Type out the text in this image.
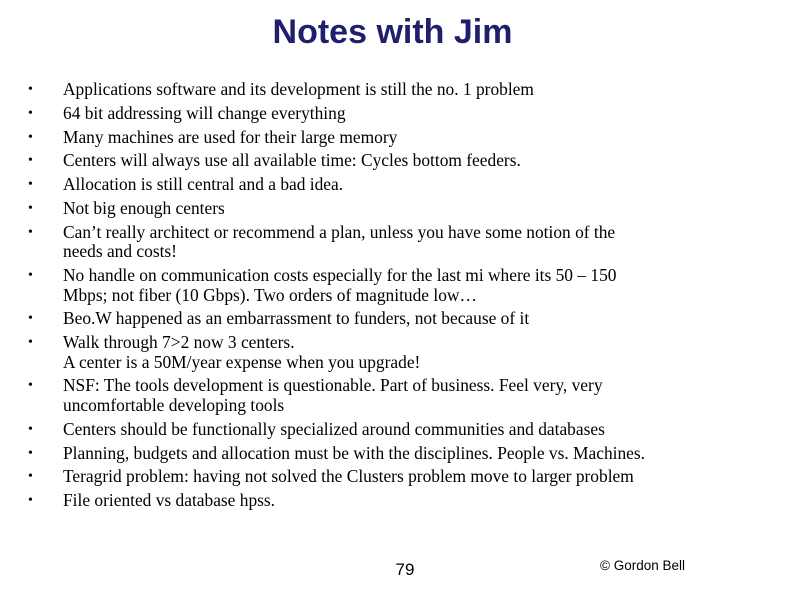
Notes with Jim
•	Applications software and its development is still the no. 1 problem
•	64 bit addressing will change everything
•	Many machines are used for their large memory
•	Centers will always use all available time: Cycles bottom feeders.
•	Allocation is still central and a bad idea.
•	Not big enough centers
•	Can’t really architect or recommend a plan, unless you have some notion of the
needs and costs!
•	No handle on communication costs especially for the last mi where its 50 – 150
Mbps; not fiber (10 Gbps). Two orders of magnitude low…
•	Beo.W happened as an embarrassment to funders, not because of it
•	Walk through 7>2 now 3 centers.
A center is a 50M/year expense when you upgrade!
•	NSF: The tools development is questionable. Part of business. Feel very, very
uncomfortable developing tools
•	Centers should be functionally specialized around communities and databases
•	Planning, budgets and allocation must be with the disciplines. People vs. Machines.
•	Teragrid problem: having not solved the Clusters problem move to larger problem
•	File oriented vs database hpss.
79	© Gordon Bell
